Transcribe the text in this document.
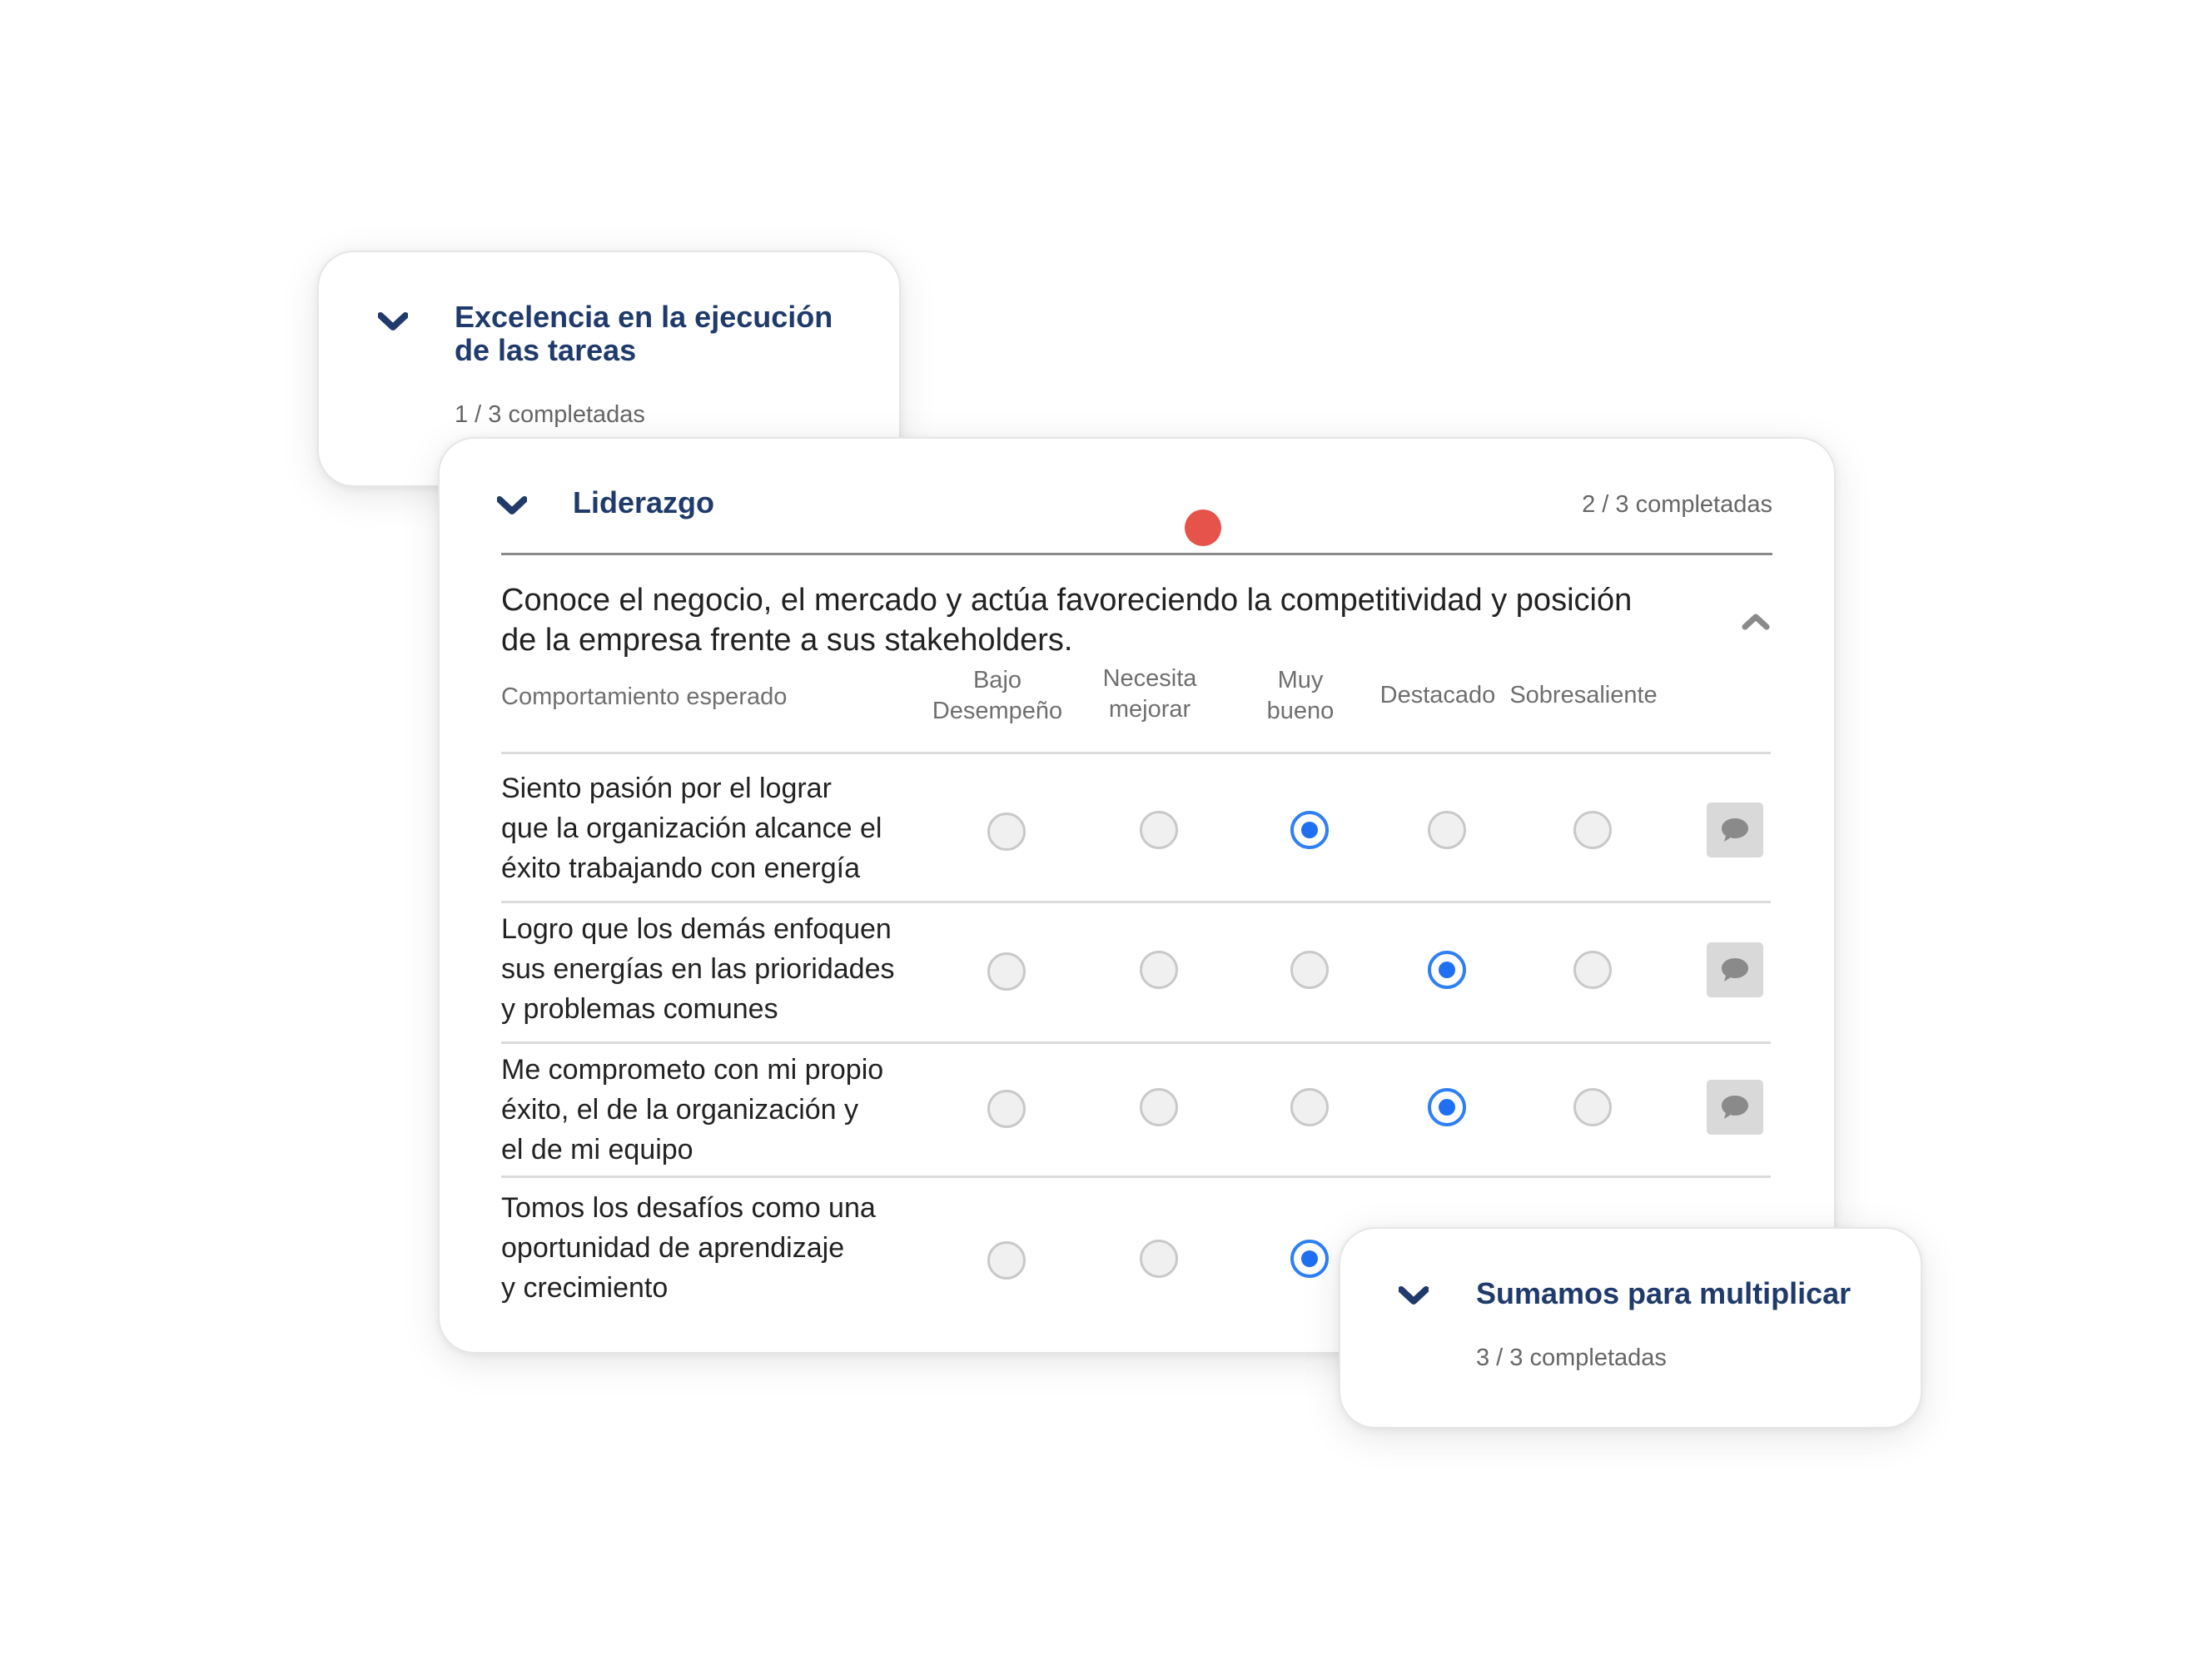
Excelencia en la ejecución
de las tareas
1 / 3 completadas
Liderazgo	2 / 3 completadas
Conoce el negocio, el mercado y actúa favoreciendo la competitividad y posición
de la empresa frente a sus stakeholders.
Comportamiento esperado
Bajo
Desempeño
Necesita
mejorar
Muy
bueno
Destacado Sobresaliente
Siento pasión por el lograr
que la organización alcance el
éxito trabajando con energía
Logro que los demás enfoquen
sus energías en las prioridades
y problemas comunes
Me comprometo con mi propio
éxito, el de la organización y
el de mi equipo
Tomos los desafíos como una
oportunidad de aprendizaje
y crecimiento	Sumamos para multiplicar
3 / 3 completadas
